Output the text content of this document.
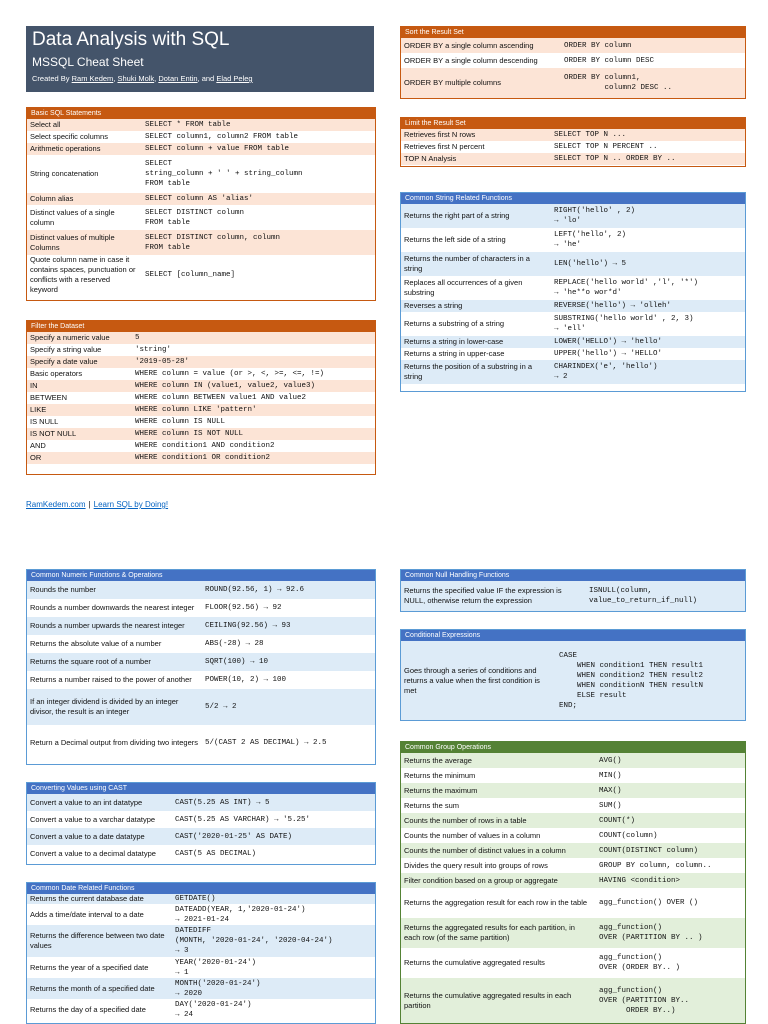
Data Analysis with SQL
MSSQL Cheat Sheet
Created By Ram Kedem, Shuki Molk, Dotan Entin, and Elad Peleg
Basic SQL Statements
Select all	SELECT * FROM table
Select specific columns	SELECT column1, column2 FROM table
Arithmetic operations	SELECT column + value FROM table
String concatenation	SELECT
string_column + ' ' + string_column
FROM table
Column alias	SELECT column AS 'alias'
Distinct values of a single column	SELECT DISTINCT column
FROM table
Distinct values of multiple Columns	SELECT DISTINCT column, column
FROM table
Quote column name in case it contains spaces, punctuation or conflicts with a reserved keyword	SELECT [column_name]
Filter the Dataset
Specify a numeric value	5
Specify a string value	'string'
Specify a date value	'2019-05-28'
Basic operators	WHERE column = value (or >, <, >=, <=, !=)
IN	WHERE column IN (value1, value2, value3)
BETWEEN	WHERE column BETWEEN value1 AND value2
LIKE	WHERE column LIKE 'pattern'
IS NULL	WHERE column IS NULL
IS NOT NULL	WHERE column IS NOT NULL
AND	WHERE condition1 AND condition2
OR	WHERE condition1 OR condition2
Sort the Result Set
ORDER BY a single column ascending	ORDER BY column
ORDER BY a single column descending	ORDER BY column DESC
ORDER BY multiple columns	ORDER BY column1,
column2 DESC ..
Limit the Result Set
Retrieves first N rows	SELECT TOP N ...
Retrieves first N percent	SELECT TOP N PERCENT ..
TOP N Analysis	SELECT TOP N .. ORDER BY ..
Common String Related Functions
Returns the right part of a string	RIGHT('hello' , 2)
→ 'lo'
Returns the left side of a string	LEFT('hello', 2)
→ 'he'
Returns the number of characters in a string	LEN('hello') → 5
Replaces all occurrences of a given substring	REPLACE('hello world' ,'l', '*')
→ 'he**o wor*d'
Reverses a string	REVERSE('hello') → 'olleh'
Returns a substring of a string	SUBSTRING('hello world' , 2, 3)
→ 'ell'
Returns a string in lower-case	LOWER('HELLO') → 'hello'
Returns a string in upper-case	UPPER('hello') → 'HELLO'
Returns the position of a substring in a string	CHARINDEX('e', 'hello')
→ 2
Common Numeric Functions & Operations
Rounds the number	ROUND(92.56, 1) → 92.6
Rounds a number downwards the nearest integer	FLOOR(92.56) → 92
Rounds a number upwards the nearest integer	CEILING(92.56) → 93
Returns the absolute value of a number	ABS(-28) → 28
Returns the square root of a number	SQRT(100) → 10
Returns a number raised to the power of another	POWER(10, 2) → 100
If an integer dividend is divided by an integer divisor, the result is an integer	5/2 → 2
Return a Decimal output from dividing two integers	5/(CAST 2 AS DECIMAL) → 2.5
Converting Values using CAST
Convert a value to an int datatype	CAST(5.25 AS INT) → 5
Convert a value to a varchar datatype	CAST(5.25 AS VARCHAR) → '5.25'
Convert a value to a date datatype	CAST('2020-01-25' AS DATE)
Convert a value to a decimal datatype	CAST(5 AS DECIMAL)
Common Date Related Functions
Returns the current database date	GETDATE()
Adds a time/date interval to a date	DATEADD(YEAR, 1,'2020-01-24')
→ 2021-01-24
Returns the difference between two date values	DATEDIFF
(MONTH, '2020-01-24', '2020-04-24')
→ 3
Returns the year of a specified date	YEAR('2020-01-24')
→ 1
Returns the month of a specified date	MONTH('2020-01-24')
→ 2020
Returns the day of a specified date	DAY('2020-01-24')
→ 24
Common Null Handling Functions
Returns the specified value IF the expression is NULL, otherwise return the expression	ISNULL(column,
value_to_return_if_null)
Conditional Expressions
Goes through a series of conditions and returns a value when the first condition is met	CASE
WHEN condition1 THEN result1
WHEN condition2 THEN result2
WHEN conditionN THEN resultN
ELSE result
END;
Common Group Operations
Returns the average	AVG()
Returns the minimum	MIN()
Returns the maximum	MAX()
Returns the sum	SUM()
Counts the number of rows in a table	COUNT(*)
Counts the number of values in a column	COUNT(column)
Counts the number of distinct values in a column	COUNT(DISTINCT column)
Divides the query result into groups of rows	GROUP BY column, column..
Filter condition based on a group or aggregate	HAVING <condition>
Returns the aggregation result for each row in the table	agg_function() OVER ()
Returns the aggregated results for each partition, in each row (of the same partition)	agg_function()
OVER (PARTITION BY .. )
Returns the cumulative aggregated results	agg_function()
OVER (ORDER BY.. )
Returns the cumulative aggregated results in each partition	agg_function()
OVER (PARTITION BY..
ORDER BY..)
RamKedem.com | Learn SQL by Doing!
